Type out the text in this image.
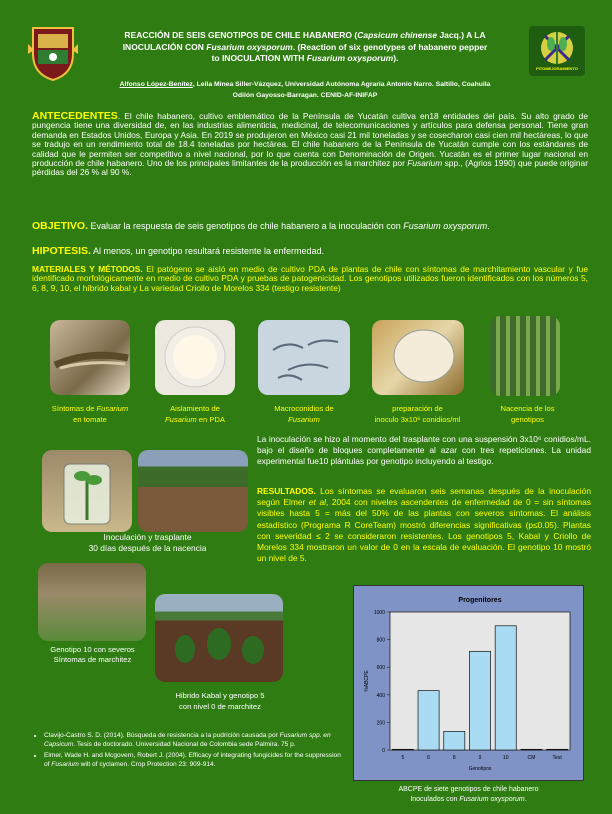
FITOMEJORAMIENTO
REACCIÓN DE SEIS GENOTIPOS DE CHILE HABANERO (Capsicum chinense Jacq.) A LA
INOCULACIÓN CON Fusarium oxysporum. (Reaction of six genotypes of habanero pepper
to INOCULATION WITH Fusarium oxysporum).
Alfonso López-Benítez, Leila Minea Siller-Vázquez, Universidad Autónoma Agraria Antonio Narro. Saltillo, Coahuila
Odilón Gayosso-Barragan. CENID-AF-INIFAP
ANTECEDENTES. El chile habanero, cultivo emblemático de la Península de Yucatán cultiva en18 entidades del país. Su alto grado de pungencia tiene una diversidad de, en las industrias alimenticia, medicinal, de telecomunicaciones y artículos para defensa personal. Tiene gran demanda en Estados Unidos, Europa y Asia. En 2019 se produjeron en México casi 21 mil toneladas y se cosecharon casi cien mil hectáreas, lo que se tradujo en un rendimiento total de 18.4 toneladas por hectárea. El chile habanero de la Península de Yucatán cumple con los estándares de calidad que le permiten ser competitivo a nivel nacional, por lo que cuenta con Denominación de Origen. Yucatán es el primer lugar nacional en producción de chile habanero. Uno de los principales limitantes de la producción es la marchitez por Fusarium spp., (Agrios 1990) que puede originar pérdidas del 26 % al 90 %.
OBJETIVO. Evaluar la respuesta de seis genotipos de chile habanero a la inoculación con Fusarium oxysporum.
HIPOTESIS. Al menos, un genotipo resultará resistente la enfermedad.
MATERIALES Y MÉTODOS. El patógeno se aisló en medio de cultivo PDA de plantas de chile con síntomas de marchitamiento vascular y fue identificado morfológicamente en medio de cultivo PDA y pruebas de patogenicidad. Los genotipos utilizados fueron identificados con los números 5, 6, 8, 9, 10, el híbrido kabal y La variedad Criollo de Morelos 334 (testigo resistente)
Síntomas de Fusarium
en tomate
Aislamiento de
Fusarium en PDA
Macroconidios de
Fusarium
preparación de
inoculo 3x10⁶ conidios/ml
Nacencia de los
genotipos
La inoculación se hizo al momento del trasplante con una suspensión 3x10⁶ conidios/mL. bajo el diseño de bloques completamente al azar con tres repeticiones. La unidad experimental fue10 plántulas por genotipo incluyendo al testigo.
Inoculación y trasplante
30 días después de la nacencia
RESULTADOS. Los síntomas se evaluaron seis semanas después de la inoculación según Elmer et al, 2004 con niveles ascendentes de enfermedad de 0 = sin síntomas visibles hasta 5 = más del 50% de las plantas con severos síntomas. El análisis estadístico (Programa R CoreTeam) mostró diferencias significativas (p≤0.05). Plantas con severidad ≤ 2 se consideraron resistentes. Los genotipos 5, Kabal y Criollo de Morelos 334 mostraron un valor de 0 en la escala de evaluación. El genotipo 10 mostró un nivel de 5.
Genotipo 10 con severos
Síntomas de marchitez
Hibrido Kabal y genotipo 5
con nivel 0 de marchitez
• Clavijo-Castro S. D. (2014). Búsqueda de resistencia a la pudrición causada por Fusarium spp. en Capsicum. Tesis de doctorado. Universidad Nacional de Colombia sede Palmira. 75 p.
• Elmer, Wade H. and Mcgovern, Robert J. (2004). Efficacy of integrating fungicides for the suppression of Fusarium wilt of cyclamen. Crop Protection 23: 909-914.
Progenitores
0
200
400
600
800
1000
%ABCPE
5	6	8	9	10	CM	Test
Genotipos
ABCPE de siete genotipos de chile habanero
Inoculados con Fusarium oxysporum.
